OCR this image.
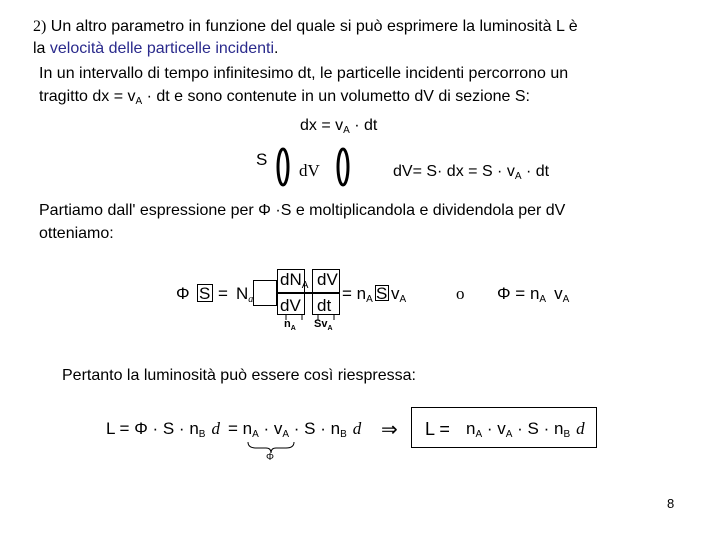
2) Un altro parametro in funzione del quale si può esprimere la luminosità L è
la velocità delle particelle incidenti.
In un intervallo di tempo infinitesimo dt, le particelle incidenti percorrono un
tragitto dx = $v_A$ · dt e sono contenute in un volumetto dV di sezione S:
dx = $v_A$ · dt
S
dV	dV= S· dx = $S \cdot v_A$ · dt
Partiamo dall' espressione per Φ ·S e moltiplicandola e dividendola per dV
otteniamo:
Φ $S = N_a$
$dN_A$ dV
dV dt
= $n_A$ S $v_A$
$n_A$ $Sv_A$
o $\Phi = n_A$ $v_A$
Pertanto la luminosità può essere così riespressa:
$L = \Phi \cdot S \cdot n_B$ $d = n_A \cdot v_A \cdot S \cdot n_B$ d
Φ
⇒ $L = n_A \cdot v_A \cdot S \cdot n_B$ d
8
